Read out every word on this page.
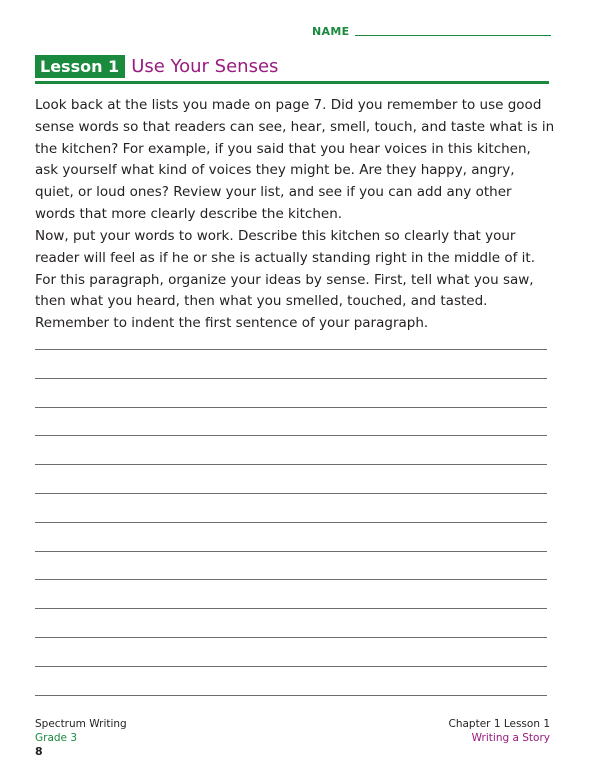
NAME
Lesson 1 Use Your Senses

Look back at the lists you made on page 7. Did you remember to use good sense words so that readers can see, hear, smell, touch, and taste what is in the kitchen? For example, if you said that you hear voices in this kitchen, ask yourself what kind of voices they might be. Are they happy, angry, quiet, or loud ones? Review your list, and see if you can add any other words that more clearly describe the kitchen.

Now, put your words to work. Describe this kitchen so clearly that your reader will feel as if he or she is actually standing right in the middle of it. For this paragraph, organize your ideas by sense. First, tell what you saw, then what you heard, then what you smelled, touched, and tasted. Remember to indent the first sentence of your paragraph.

Spectrum Writing
Grade 3
Chapter 1 Lesson 1
Writing a Story
8
